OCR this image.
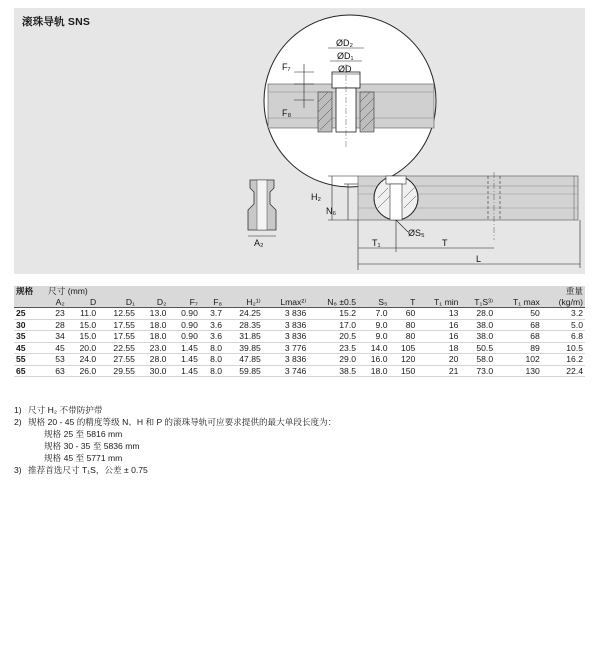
滚珠导轨 SNS
ØD₂
ØD₁
ØD
F₇
F₈
A₂
H₂
N₆
ØS₅
T₁	T
L
规格	尺寸 (mm)														重量
	A₂	D	D₁	D₂	F₇	F₈	H₂¹⁾	Lmax²⁾	N₆ ±0.5	S₅	T	T₁ min	T₁S³⁾	T₁ max	(kg/m)
25	23	11.0	12.55	13.0	0.90	3.7	24.25	3 836	15.2	7.0	60	13	28.0	50	3.2
30	28	15.0	17.55	18.0	0.90	3.6	28.35	3 836	17.0	9.0	80	16	38.0	68	5.0
35	34	15.0	17.55	18.0	0.90	3.6	31.85	3 836	20.5	9.0	80	16	38.0	68	6.8
45	45	20.0	22.55	23.0	1.45	8.0	39.85	3 776	23.5	14.0	105	18	50.5	89	10.5
55	53	24.0	27.55	28.0	1.45	8.0	47.85	3 836	29.0	16.0	120	20	58.0	102	16.2
65	63	26.0	29.55	30.0	1.45	8.0	59.85	3 746	38.5	18.0	150	21	73.0	130	22.4
1) 尺寸 H₂ 不带防护带
2) 规格 20 - 45 的精度等级 N、H 和 P 的滚珠导轨可应要求提供的最大单段长度为：
规格 25 至 5816 mm
规格 30 - 35 至 5836 mm
规格 45 至 5771 mm
3) 推荐首选尺寸 T₁S，公差 ± 0.75
